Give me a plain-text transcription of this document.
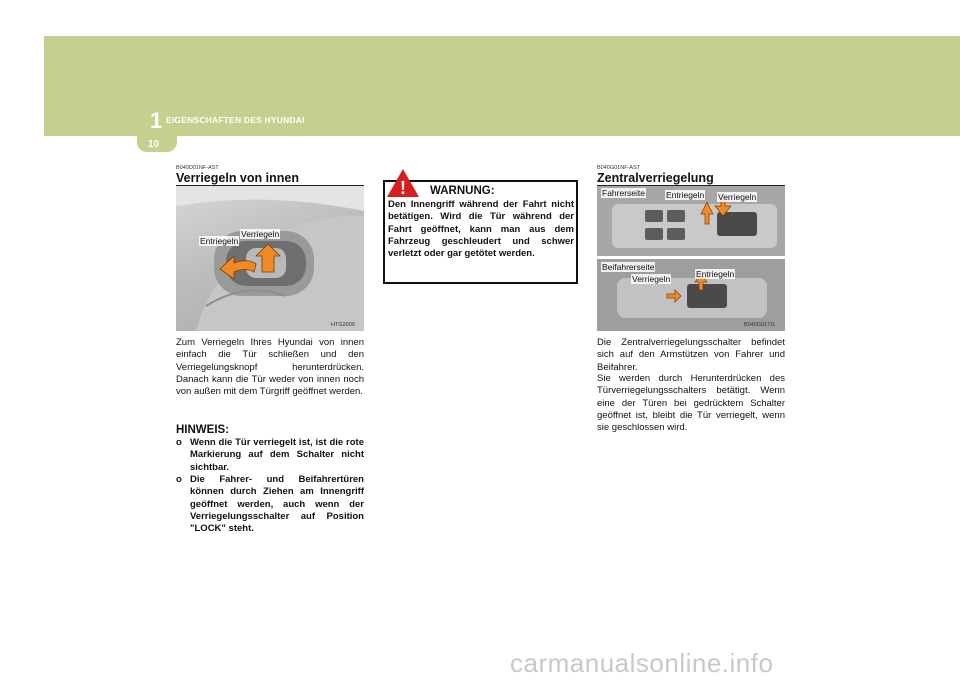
1 EIGENSCHAFTEN DES HYUNDAI
10
B040D01NF-AST
Verriegeln von innen
Entriegeln
Verriegeln
HTG2009
Zum Verriegeln Ihres Hyundai von innen einfach die Tür schließen und den Verriegelungsknopf herunterdrücken. Danach kann die Tür weder von innen noch von außen mit dem Türgriff geöffnet werden.
HINWEIS:
o Wenn die Tür verriegelt ist, ist die rote Markierung auf dem Schalter nicht sichtbar.
o Die Fahrer- und Beifahrertüren können durch Ziehen am Innengriff geöffnet werden, auch wenn der Verriegelungsschalter auf Position "LOCK" steht.
! WARNUNG:
Den Innengriff während der Fahrt nicht betätigen. Wird die Tür während der Fahrt geöffnet, kann man aus dem Fahrzeug geschleudert und schwer verletzt oder gar getötet werden.
B040G01NF-AST
Zentralverriegelung
Fahrerseite Entriegeln Verriegeln
Beifahrerseite
Verriegeln	Entriegeln
B040G01TG
Die Zentralverriegelungsschalter befindet sich auf den Armstützen von Fahrer und Beifahrer.
Sie werden durch Herunterdrücken des Türverriegelungsschalters betätigt. Wenn eine der Türen bei gedrücktem Schalter geöffnet ist, bleibt die Tür verriegelt, wenn sie geschlossen wird.
carmanualsonline.info
